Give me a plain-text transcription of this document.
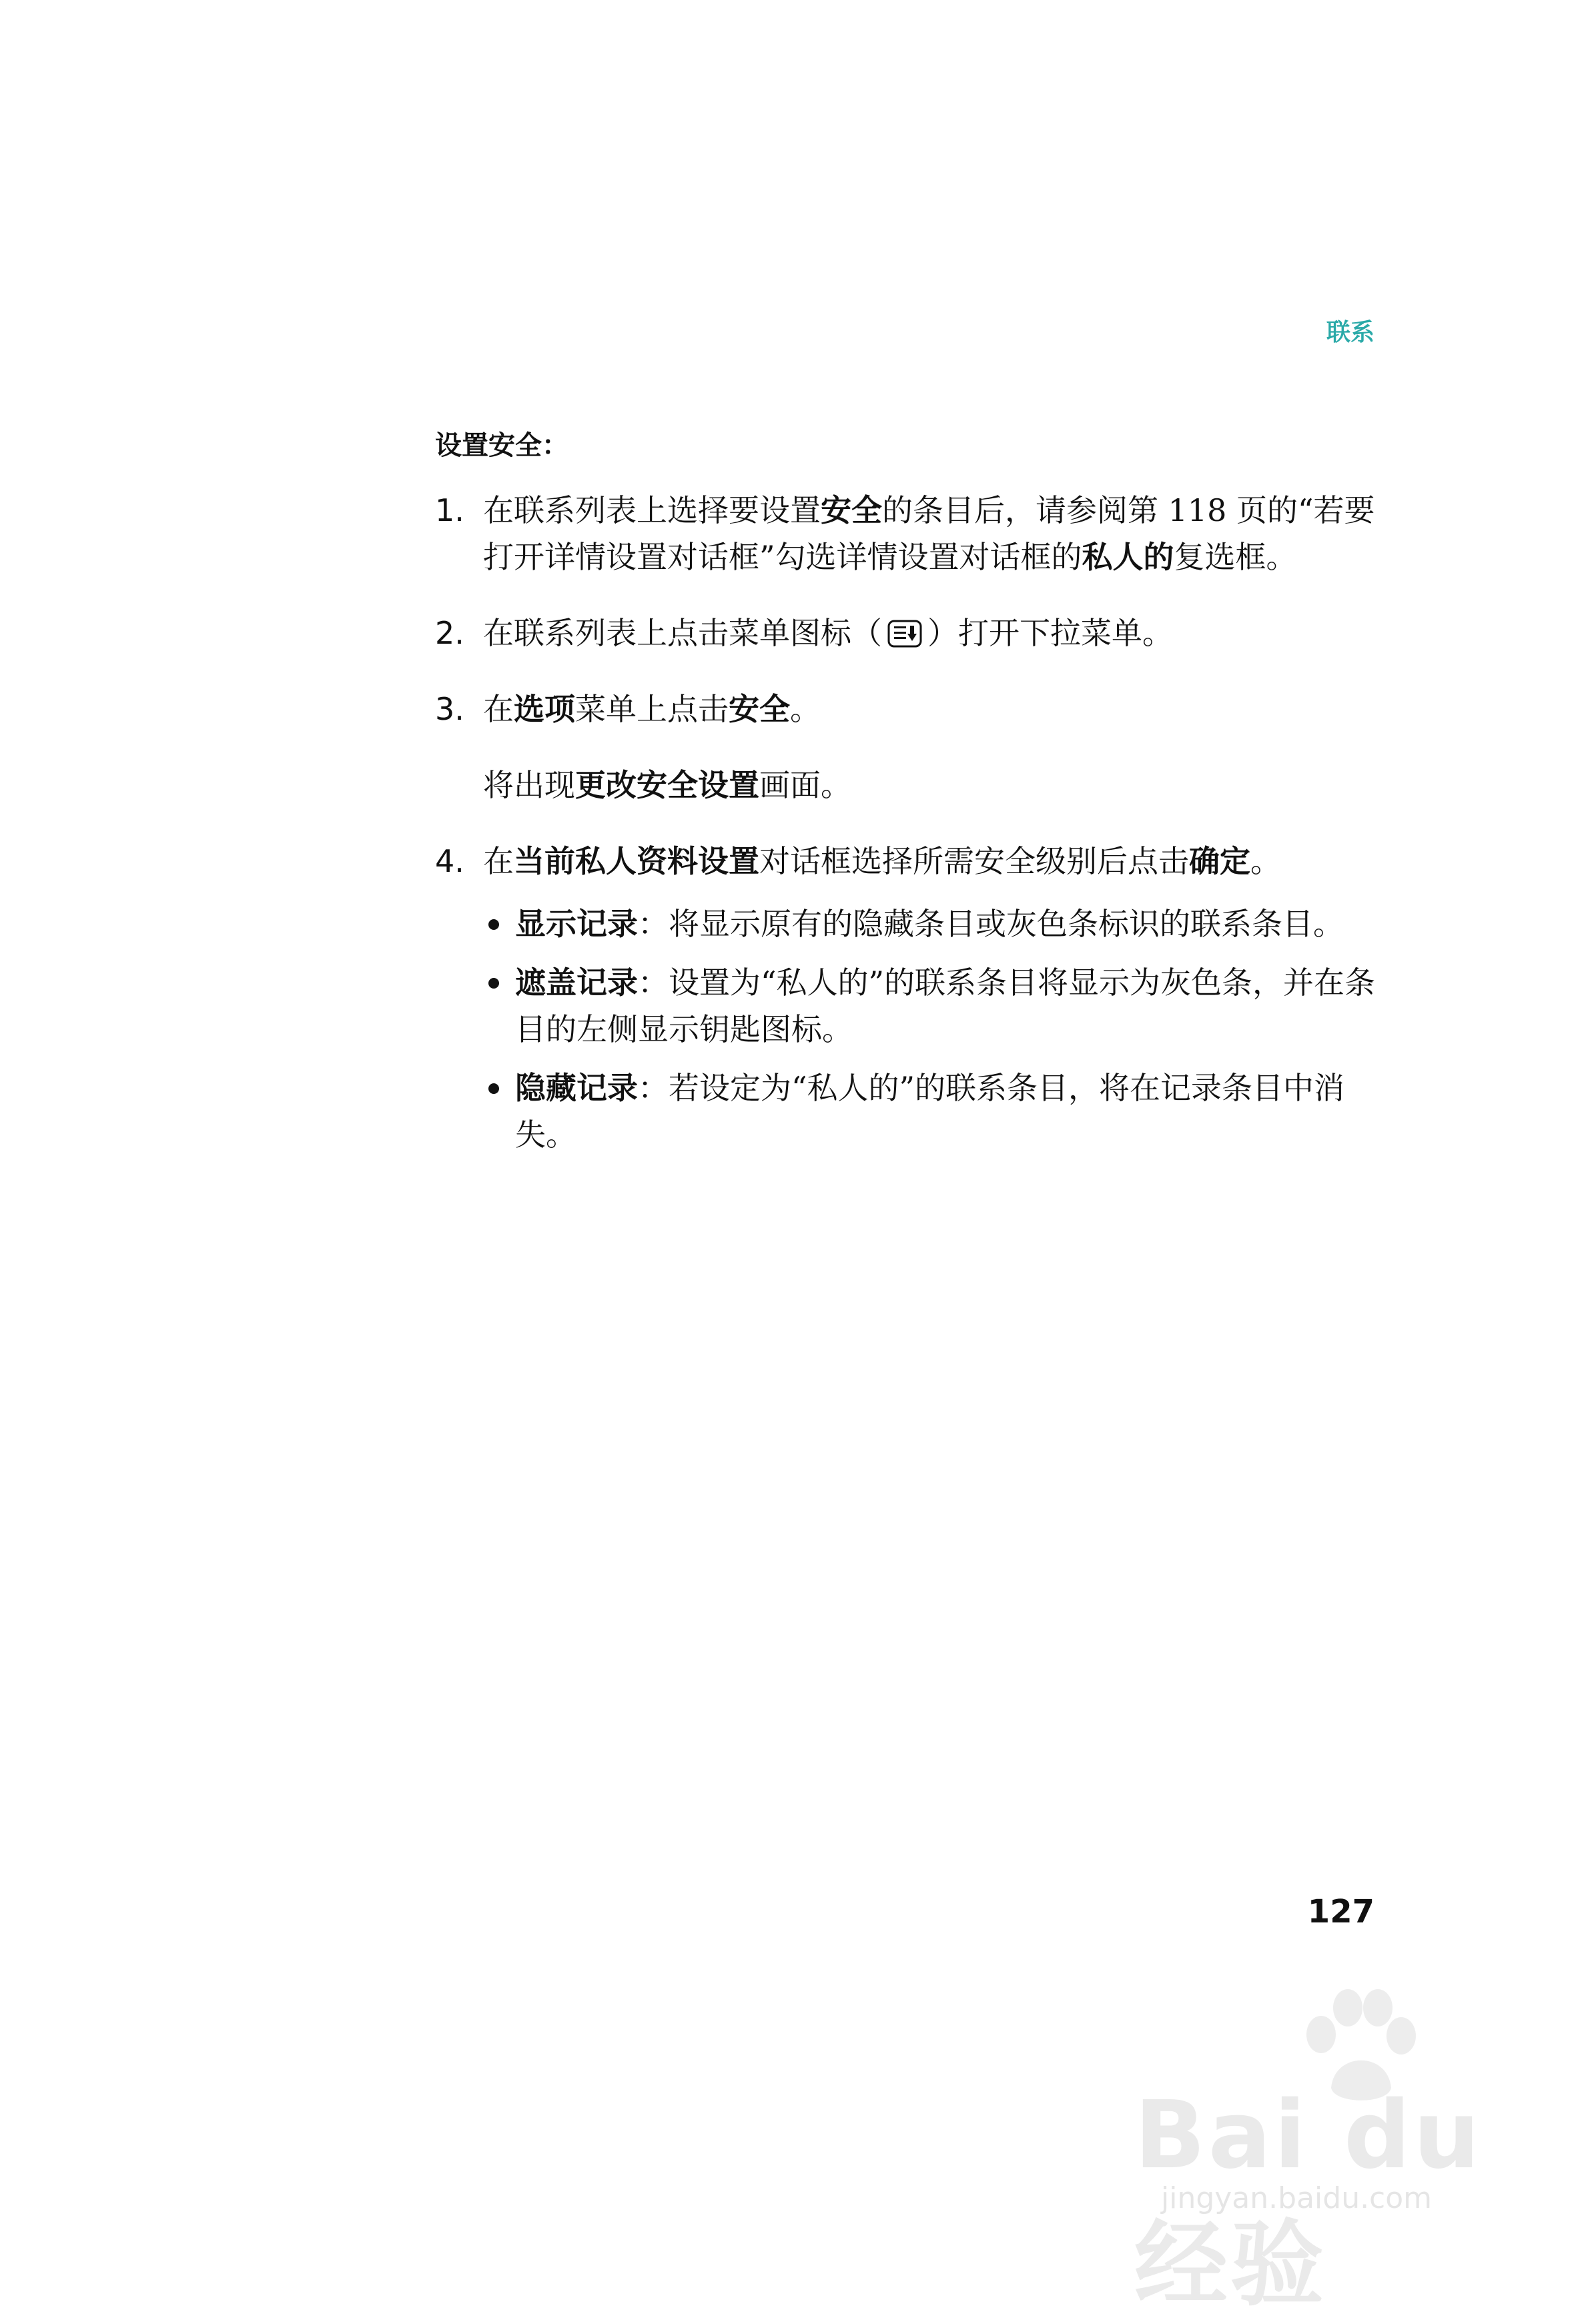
联系
设置安全：
1. 在联系列表上选择要设置安全的条目后，请参阅第 118 页的“若要打开详情设置对话框”勾选详情设置对话框的私人的复选框。
2. 在联系列表上点击菜单图标（ ）打开下拉菜单。
3. 在选项菜单上点击安全。
将出现更改安全设置画面。
4. 在当前私人资料设置对话框选择所需安全级别后点击确定。
显示记录：将显示原有的隐藏条目或灰色条标识的联系条目。
遮盖记录：设置为“私人的”的联系条目将显示为灰色条，并在条目的左侧显示钥匙图标。
隐藏记录：若设定为“私人的”的联系条目，将在记录条目中消失。
127
Bai du 经验
jingyan.baidu.com
